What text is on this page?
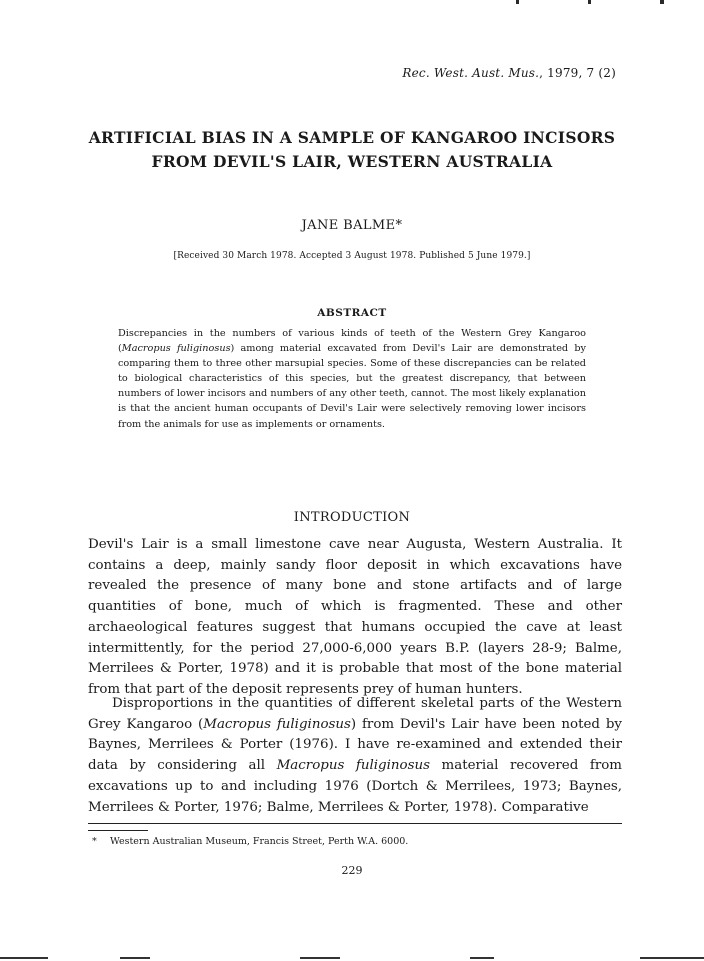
Rec. West. Aust. Mus., 1979, 7 (2)
ARTIFICIAL BIAS IN A SAMPLE OF KANGAROO INCISORS
FROM DEVIL'S LAIR, WESTERN AUSTRALIA
JANE BALME*
[Received 30 March 1978. Accepted 3 August 1978. Published 5 June 1979.]
ABSTRACT

Discrepancies in the numbers of various kinds of teeth of the Western Grey Kangaroo (Macropus fuliginosus) among material excavated from Devil's Lair are demonstrated by comparing them to three other marsupial species. Some of these discrepancies can be related to biological characteristics of this species, but the greatest discrepancy, that between numbers of lower incisors and numbers of any other teeth, cannot. The most likely explanation is that the ancient human occupants of Devil's Lair were selectively removing lower incisors from the animals for use as implements or ornaments.

INTRODUCTION

Devil's Lair is a small limestone cave near Augusta, Western Australia. It contains a deep, mainly sandy floor deposit in which excavations have revealed the presence of many bone and stone artifacts and of large quantities of bone, much of which is fragmented. These and other archaeological features suggest that humans occupied the cave at least intermittently, for the period 27,000-6,000 years B.P. (layers 28-9; Balme, Merrilees & Porter, 1978) and it is probable that most of the bone material from that part of the deposit represents prey of human hunters.

Disproportions in the quantities of different skeletal parts of the Western Grey Kangaroo (Macropus fuliginosus) from Devil's Lair have been noted by Baynes, Merrilees & Porter (1976). I have re-examined and extended their data by considering all Macropus fuliginosus material recovered from excavations up to and including 1976 (Dortch & Merrilees, 1973; Baynes, Merrilees & Porter, 1976; Balme, Merrilees & Porter, 1978). Comparative

* Western Australian Museum, Francis Street, Perth W.A. 6000.
229
